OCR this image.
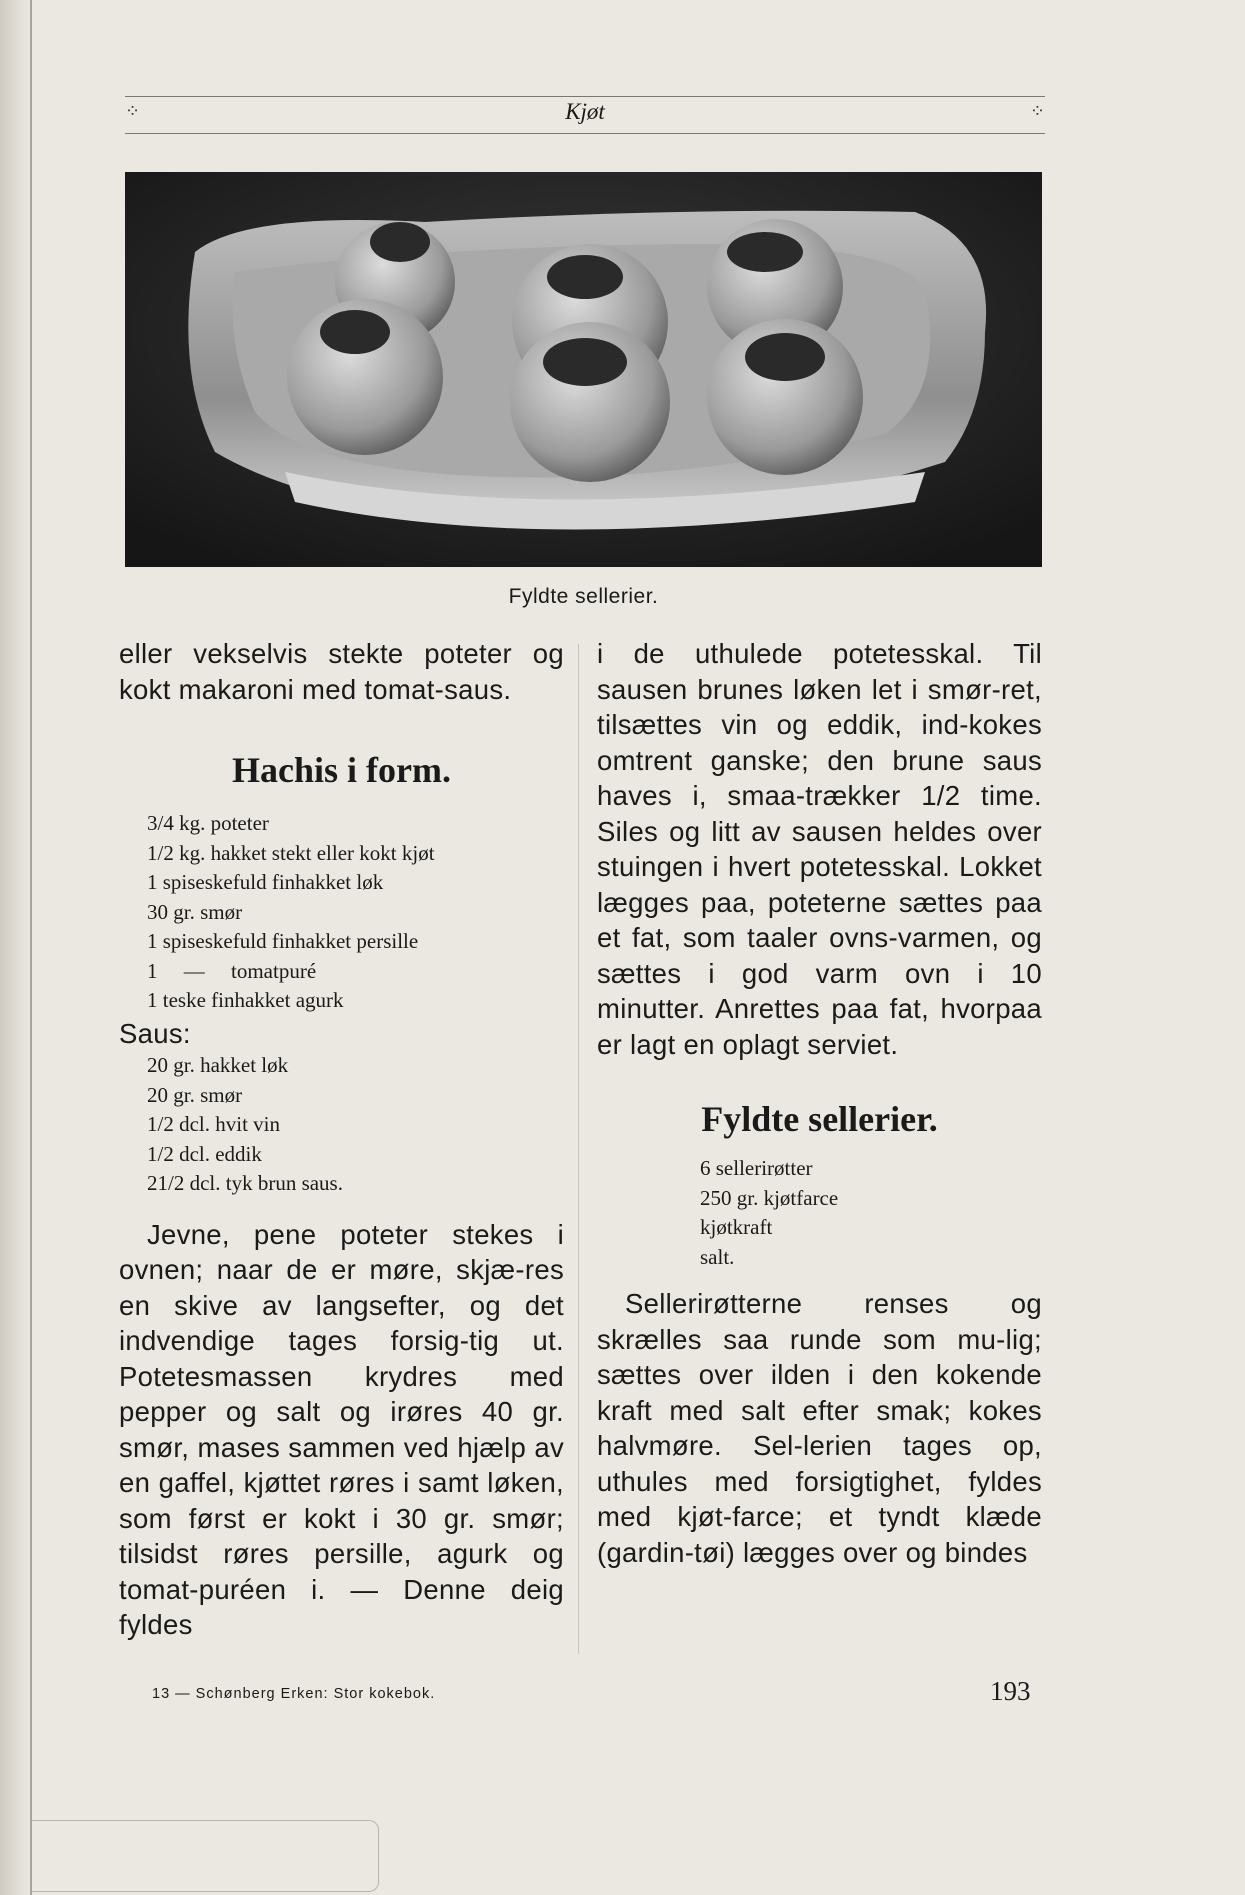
⁘	Kjøt	⁘
Fyldte sellerier.

eller vekselvis stekte poteter og kokt makaroni med tomat-saus.

Hachis i form.
3/4 kg. poteter
1/2 kg. hakket stekt eller kokt kjøt
1 spiseskefuld finhakket løk
30 gr. smør
1 spiseskefuld finhakket persille
1     —     tomatpuré
1 teske finhakket agurk
Saus:
20 gr. hakket løk
20 gr. smør
1/2 dcl. hvit vin
1/2 dcl. eddik
21/2 dcl. tyk brun saus.

Jevne, pene poteter stekes i ovnen; naar de er møre, skjæ-res en skive av langsefter, og det indvendige tages forsig-tig ut. Potetesmassen krydres med pepper og salt og irøres 40 gr. smør, mases sammen ved hjælp av en gaffel, kjøttet røres i samt løken, som først er kokt i 30 gr. smør; tilsidst røres persille, agurk og tomat-puréen i. — Denne deig fyldes

i de uthulede potetesskal. Til sausen brunes løken let i smør-ret, tilsættes vin og eddik, ind-kokes omtrent ganske; den brune saus haves i, smaa-trækker 1/2 time. Siles og litt av sausen heldes over stuingen i hvert potetesskal. Lokket lægges paa, poteterne sættes paa et fat, som taaler ovns-varmen, og sættes i god varm ovn i 10 minutter. Anrettes paa fat, hvorpaa er lagt en oplagt serviet.

Fyldte sellerier.
6 sellerirøtter
250 gr. kjøtfarce
kjøtkraft
salt.

Sellerirøtterne renses og skrælles saa runde som mu-lig; sættes over ilden i den kokende kraft med salt efter smak; kokes halvmøre. Sel-lerien tages op, uthules med forsigtighet, fyldes med kjøt-farce; et tyndt klæde (gardin-tøi) lægges over og bindes

13 — Schønberg Erken: Stor kokebok.	193
